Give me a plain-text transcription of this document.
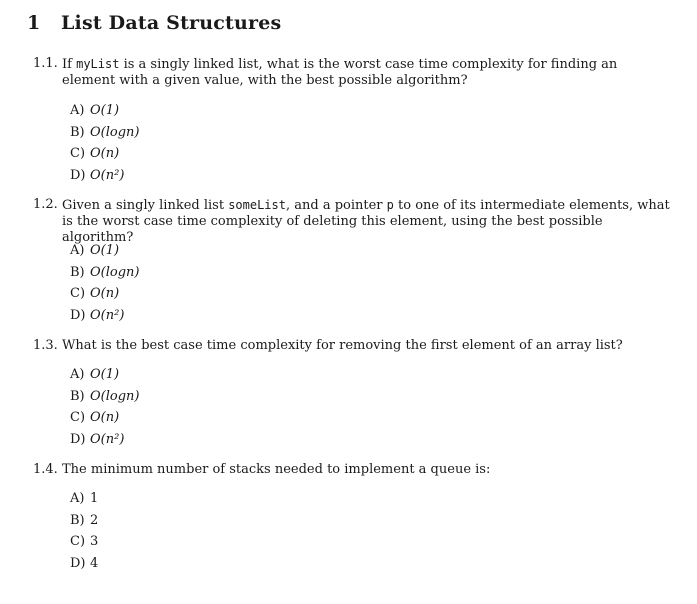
1 List Data Structures
1.1. If myList is a singly linked list, what is the worst case time complexity for finding an element with a given value, with the best possible algorithm?
A) O(1)
B) O(logn)
C) O(n)
D) O(n²)
1.2. Given a singly linked list someList, and a pointer p to one of its intermediate elements, what is the worst case time complexity of deleting this element, using the best possible algorithm?
A) O(1)
B) O(logn)
C) O(n)
D) O(n²)
1.3. What is the best case time complexity for removing the first element of an array list?
A) O(1)
B) O(logn)
C) O(n)
D) O(n²)
1.4. The minimum number of stacks needed to implement a queue is:
A) 1
B) 2
C) 3
D) 4
